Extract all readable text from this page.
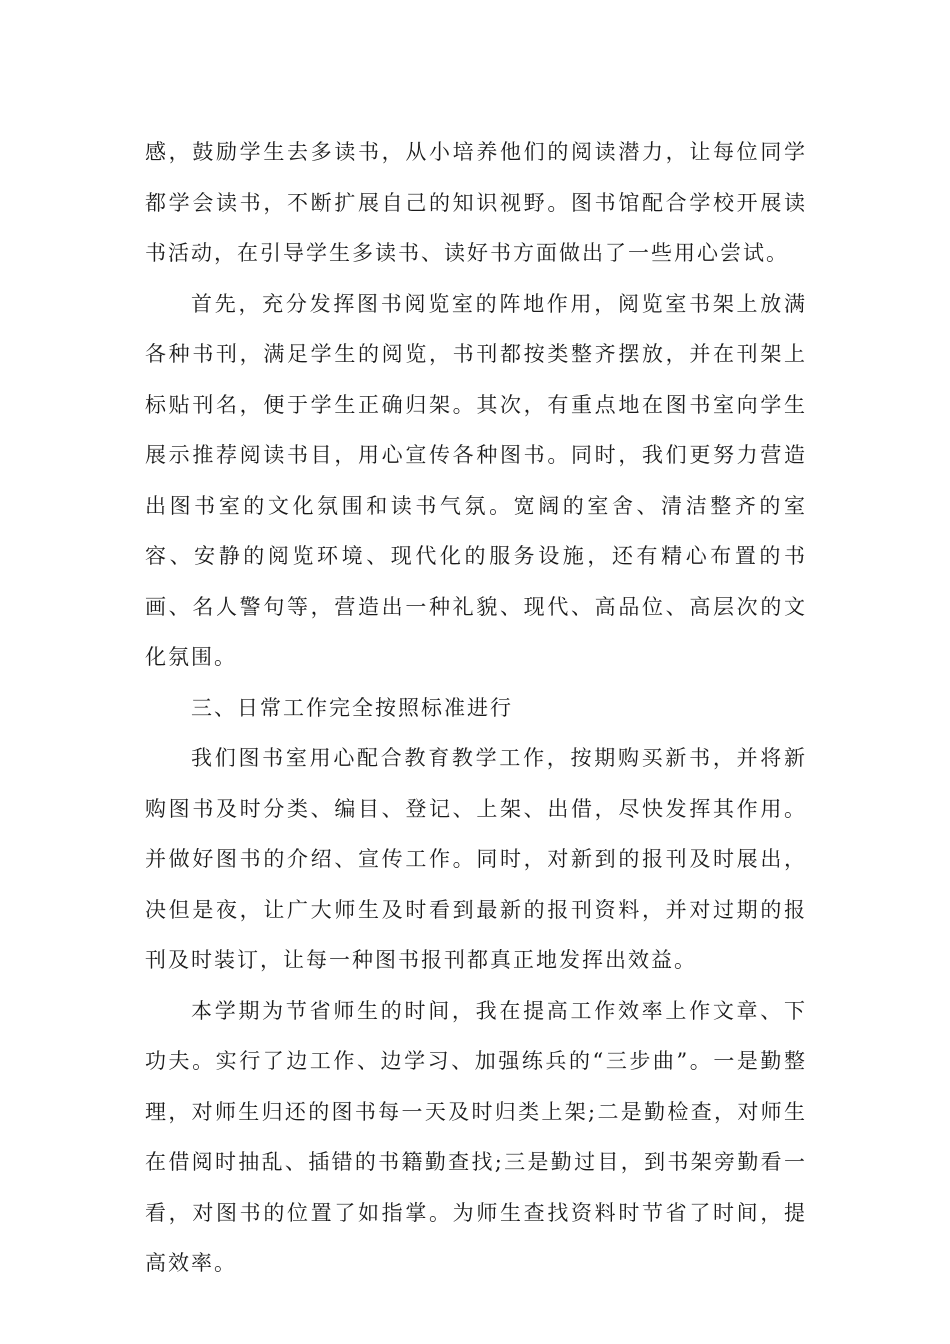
感，鼓励学生去多读书，从小培养他们的阅读潜力，让每位同学都学会读书，不断扩展自己的知识视野。图书馆配合学校开展读书活动，在引导学生多读书、读好书方面做出了一些用心尝试。

首先，充分发挥图书阅览室的阵地作用，阅览室书架上放满各种书刊，满足学生的阅览，书刊都按类整齐摆放，并在刊架上标贴刊名，便于学生正确归架。其次，有重点地在图书室向学生展示推荐阅读书目，用心宣传各种图书。同时，我们更努力营造出图书室的文化氛围和读书气氛。宽阔的室舍、清洁整齐的室容、安静的阅览环境、现代化的服务设施，还有精心布置的书画、名人警句等，营造出一种礼貌、现代、高品位、高层次的文化氛围。

三、日常工作完全按照标准进行

我们图书室用心配合教育教学工作，按期购买新书，并将新购图书及时分类、编目、登记、上架、出借，尽快发挥其作用。并做好图书的介绍、宣传工作。同时，对新到的报刊及时展出，决但是夜，让广大师生及时看到最新的报刊资料，并对过期的报刊及时装订，让每一种图书报刊都真正地发挥出效益。

本学期为节省师生的时间，我在提高工作效率上作文章、下功夫。实行了边工作、边学习、加强练兵的“三步曲”。一是勤整理，对师生归还的图书每一天及时归类上架;二是勤检查，对师生在借阅时抽乱、插错的书籍勤查找;三是勤过目，到书架旁勤看一看，对图书的位置了如指掌。为师生查找资料时节省了时间，提高效率。
